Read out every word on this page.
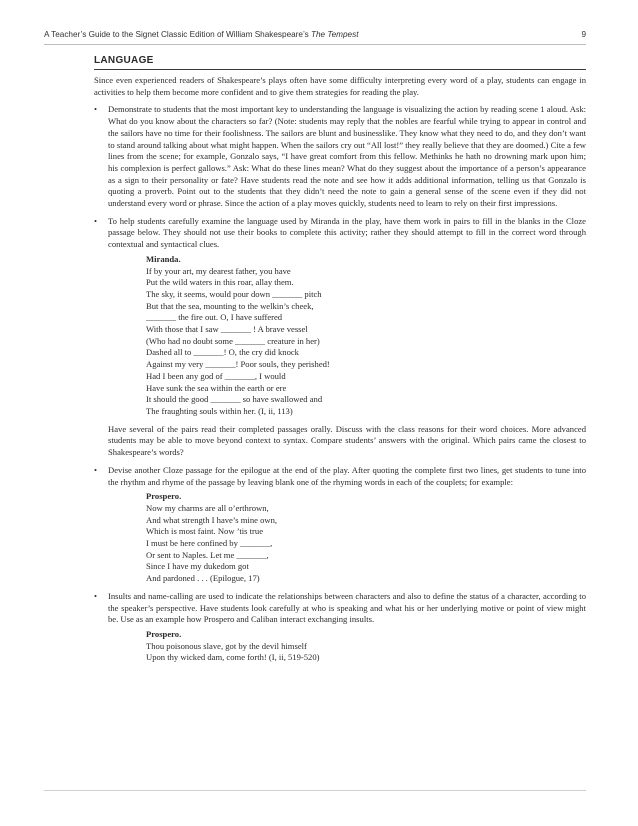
A Teacher’s Guide to the Signet Classic Edition of William Shakespeare’s The Tempest	9
LANGUAGE

Since even experienced readers of Shakespeare’s plays often have some difficulty interpreting every word of a play, students can engage in activities to help them become more confident and to give them strategies for reading the play.

• Demonstrate to students that the most important key to understanding the language is visualizing the action by reading scene 1 aloud. Ask: What do you know about the characters so far? (Note: students may reply that the nobles are fearful while trying to appear in control and the sailors have no time for their foolishness. The sailors are blunt and businesslike. They know what they need to do, and they don’t want to stand around talking about what might happen. When the sailors cry out “All lost!” they really believe that they are doomed.) Cite a few lines from the scene; for example, Gonzalo says, “I have great comfort from this fellow. Methinks he hath no drowning mark upon him; his complexion is perfect gallows.” Ask: What do these lines mean? What do they suggest about the importance of a person’s appearance as a sign to their personality or fate? Have students read the note and see how it adds additional information, telling us that Gonzalo is quoting a proverb. Point out to the students that they didn’t need the note to gain a general sense of the scene even if they did not understand every word or phrase. Since the action of a play moves quickly, students need to learn to rely on their first impressions.

• To help students carefully examine the language used by Miranda in the play, have them work in pairs to fill in the blanks in the Cloze passage below. They should not use their books to complete this activity; rather they should attempt to fill in the correct word through contextual and syntactical clues.

Miranda.
If by your art, my dearest father, you have
Put the wild waters in this roar, allay them.
The sky, it seems, would pour down _______ pitch
But that the sea, mounting to the welkin’s cheek,
_______ the fire out. O, I have suffered
With those that I saw _______ ! A brave vessel
(Who had no doubt some _______ creature in her)
Dashed all to _______! O, the cry did knock
Against my very _______! Poor souls, they perished!
Had I been any god of _______, I would
Have sunk the sea within the earth or ere
It should the good _______ so have swallowed and
The fraughting souls within her. (I, ii, 113)

Have several of the pairs read their completed passages orally. Discuss with the class reasons for their word choices. More advanced students may be able to move beyond context to syntax. Compare students’ answers with the original. Which pairs came the closest to Shakespeare’s words?

• Devise another Cloze passage for the epilogue at the end of the play. After quoting the complete first two lines, get students to tune into the rhythm and rhyme of the passage by leaving blank one of the rhyming words in each of the couplets; for example:

Prospero.
Now my charms are all o’erthrown,
And what strength I have’s mine own,
Which is most faint. Now ’tis true
I must be here confined by _______,
Or sent to Naples. Let me _______,
Since I have my dukedom got
And pardoned . . . (Epilogue, 17)
• Insults and name-calling are used to indicate the relationships between characters and also to define the status of a character, according to the speaker’s perspective. Have students look carefully at who is speaking and what his or her underlying motive or point of view might be. Use as an example how Prospero and Caliban interact exchanging insults.

Prospero.
Thou poisonous slave, got by the devil himself
Upon thy wicked dam, come forth! (I, ii, 519-520)
